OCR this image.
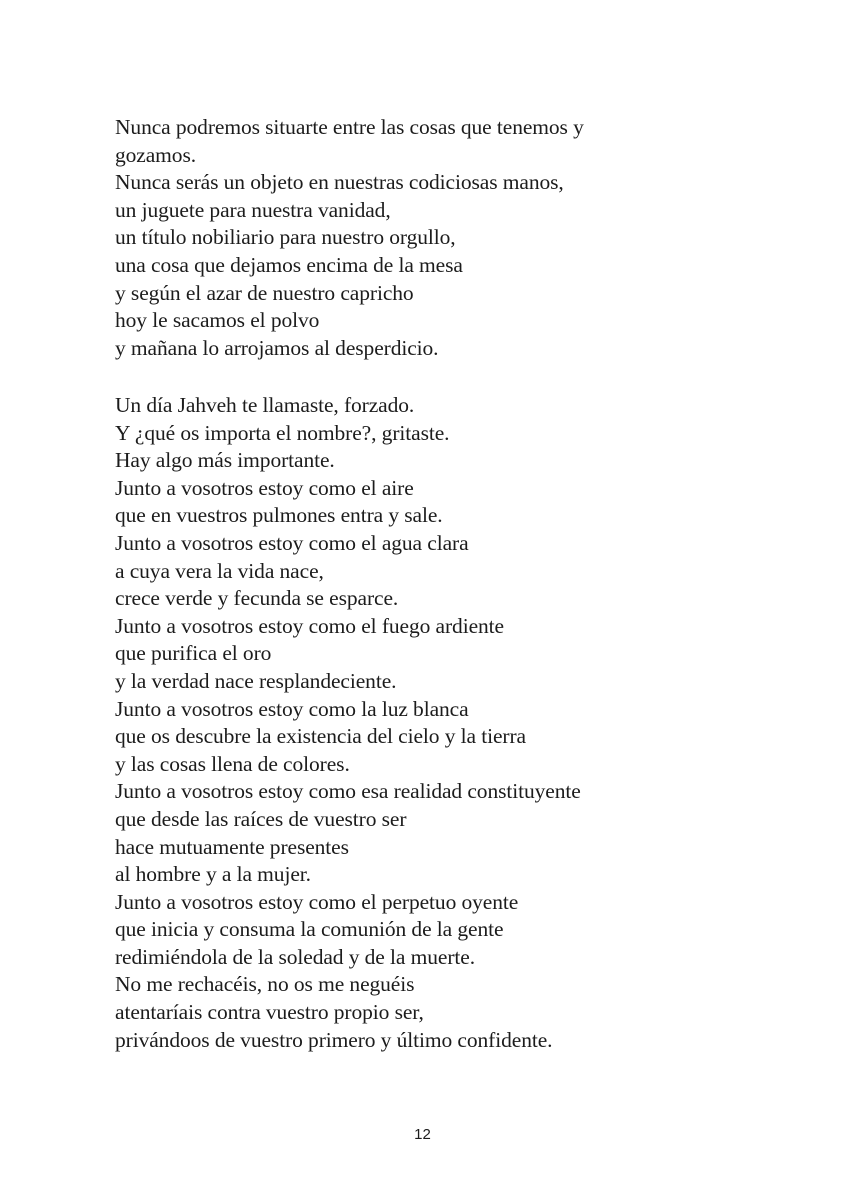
Nunca podremos situarte entre las cosas que tenemos y
gozamos.
Nunca serás un objeto en nuestras codiciosas manos,
un juguete para nuestra vanidad,
un título nobiliario para nuestro orgullo,
una cosa que dejamos encima de la mesa
y según el azar de nuestro capricho
hoy le sacamos el polvo
y mañana lo arrojamos al desperdicio.
Un día Jahveh te llamaste, forzado.
Y ¿qué os importa el nombre?, gritaste.
Hay algo más importante.
Junto a vosotros estoy como el aire
que en vuestros pulmones entra y sale.
Junto a vosotros estoy como el agua clara
a cuya vera la vida nace,
crece verde y fecunda se esparce.
Junto a vosotros estoy como el fuego ardiente
que purifica el oro
y la verdad nace resplandeciente.
Junto a vosotros estoy como la luz blanca
que os descubre la existencia del cielo y la tierra
y las cosas llena de colores.
Junto a vosotros estoy como esa realidad constituyente
que desde las raíces de vuestro ser
hace mutuamente presentes
al hombre y a la mujer.
Junto a vosotros estoy como el perpetuo oyente
que inicia y consuma la comunión de la gente
redimiéndola de la soledad y de la muerte.
No me rechacéis, no os me neguéis
atentaríais contra vuestro propio ser,
privándoos de vuestro primero y último confidente.
12
